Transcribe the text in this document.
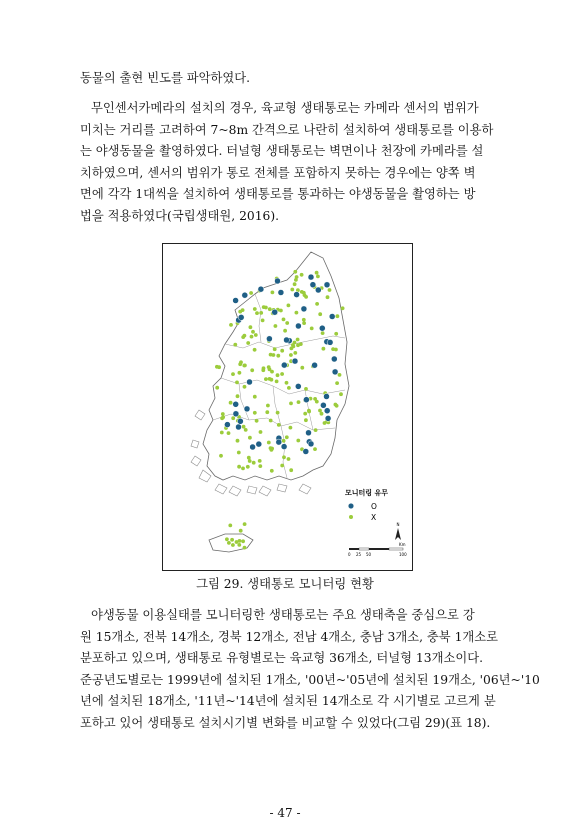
동물의 출현 빈도를 파악하였다.
무인센서카메라의 설치의 경우, 육교형 생태통로는 카메라 센서의 범위가
미치는 거리를 고려하여 7~8m 간격으로 나란히 설치하여 생태통로를 이용하
는 야생동물을 촬영하였다. 터널형 생태통로는 벽면이나 천장에 카메라를 설
치하였으며, 센서의 범위가 통로 전체를 포함하지 못하는 경우에는 양쪽 벽
면에 각각 1대씩을 설치하여 생태통로를 통과하는 야생동물을 촬영하는 방
법을 적용하였다(국립생태원, 2016).
모니터링 유무
O
X
N
0 25 50	100
Km
그림 29. 생태통로 모니터링 현황
야생동물 이용실태를 모니터링한 생태통로는 주요 생태축을 중심으로 강
원 15개소, 전북 14개소, 경북 12개소, 전남 4개소, 충남 3개소, 충북 1개소로
분포하고 있으며, 생태통로 유형별로는 육교형 36개소, 터널형 13개소이다.
준공년도별로는 1999년에 설치된 1개소, '00년~'05년에 설치된 19개소, '06년~'10
년에 설치된 18개소, '11년~'14년에 설치된 14개소로 각 시기별로 고르게 분
포하고 있어 생태통로 설치시기별 변화를 비교할 수 있었다(그림 29)(표 18).
- 47 -
